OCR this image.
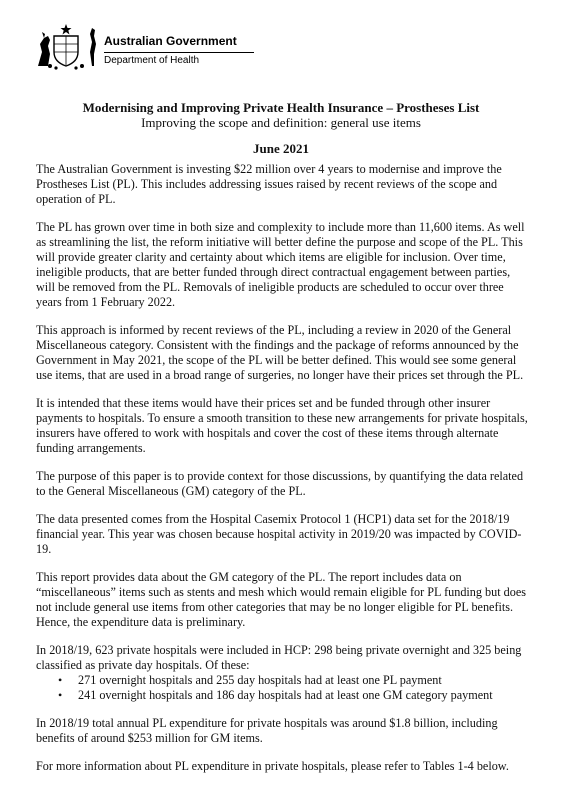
Australian Government
Department of Health
Modernising and Improving Private Health Insurance – Prostheses List
Improving the scope and definition: general use items
June 2021

The Australian Government is investing $22 million over 4 years to modernise and improve the Prostheses List (PL). This includes addressing issues raised by recent reviews of the scope and operation of PL.

The PL has grown over time in both size and complexity to include more than 11,600 items. As well as streamlining the list, the reform initiative will better define the purpose and scope of the PL. This will provide greater clarity and certainty about which items are eligible for inclusion. Over time, ineligible products, that are better funded through direct contractual engagement between parties, will be removed from the PL. Removals of ineligible products are scheduled to occur over three years from 1 February 2022.

This approach is informed by recent reviews of the PL, including a review in 2020 of the General Miscellaneous category. Consistent with the findings and the package of reforms announced by the Government in May 2021, the scope of the PL will be better defined. This would see some general use items, that are used in a broad range of surgeries, no longer have their prices set through the PL.

It is intended that these items would have their prices set and be funded through other insurer payments to hospitals. To ensure a smooth transition to these new arrangements for private hospitals, insurers have offered to work with hospitals and cover the cost of these items through alternate funding arrangements.

The purpose of this paper is to provide context for those discussions, by quantifying the data related to the General Miscellaneous (GM) category of the PL.

The data presented comes from the Hospital Casemix Protocol 1 (HCP1) data set for the 2018/19 financial year. This year was chosen because hospital activity in 2019/20 was impacted by COVID-19.

This report provides data about the GM category of the PL. The report includes data on “miscellaneous” items such as stents and mesh which would remain eligible for PL funding but does not include general use items from other categories that may be no longer eligible for PL benefits. Hence, the expenditure data is preliminary.

In 2018/19, 623 private hospitals were included in HCP: 298 being private overnight and 325 being classified as private day hospitals. Of these:

• 271 overnight hospitals and 255 day hospitals had at least one PL payment
• 241 overnight hospitals and 186 day hospitals had at least one GM category payment

In 2018/19 total annual PL expenditure for private hospitals was around $1.8 billion, including benefits of around $253 million for GM items.

For more information about PL expenditure in private hospitals, please refer to Tables 1-4 below.
